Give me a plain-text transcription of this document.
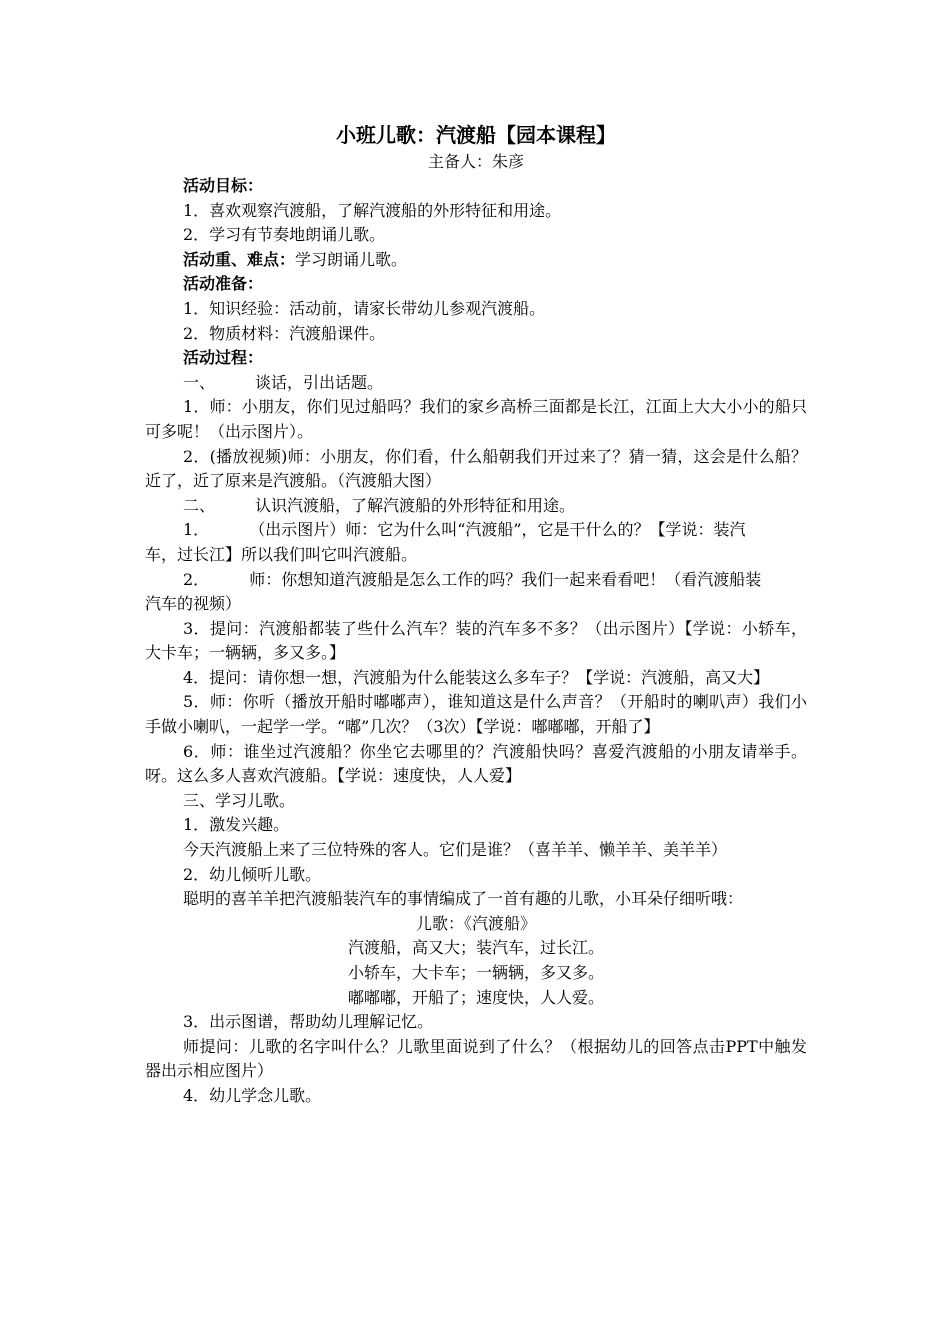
小班儿歌：汽渡船【园本课程】
主备人：朱彦

活动目标：

1．喜欢观察汽渡船，了解汽渡船的外形特征和用途。

2．学习有节奏地朗诵儿歌。

活动重、难点：学习朗诵儿歌。

活动准备：

1．知识经验：活动前，请家长带幼儿参观汽渡船。

2．物质材料：汽渡船课件。

活动过程：

一、	谈话，引出话题。

1．师：小朋友，你们见过船吗？我们的家乡高桥三面都是长江，江面上大大小小的船只可多呢！（出示图片）。

2．(播放视频)师：小朋友，你们看，什么船朝我们开过来了？猜一猜，这会是什么船？近了，近了原来是汽渡船。（汽渡船大图）

二、	认识汽渡船，了解汽渡船的外形特征和用途。

1．	（出示图片）师：它为什么叫“汽渡船”，它是干什么的？【学说：装汽
车，过长江】所以我们叫它叫汽渡船。
2．	师：你想知道汽渡船是怎么工作的吗？我们一起来看看吧！（看汽渡船装
汽车的视频）

3．提问：汽渡船都装了些什么汽车？装的汽车多不多？（出示图片）【学说：小轿车，大卡车；一辆辆，多又多。】

4．提问：请你想一想，汽渡船为什么能装这么多车子？【学说：汽渡船，高又大】

5．师：你听（播放开船时嘟嘟声），谁知道这是什么声音？（开船时的喇叭声）我们小手做小喇叭，一起学一学。“嘟”几次？（3次）【学说：嘟嘟嘟，开船了】

6．师：谁坐过汽渡船？你坐它去哪里的？汽渡船快吗？喜爱汽渡船的小朋友请举手。呀。这么多人喜欢汽渡船。【学说：速度快，人人爱】

三、学习儿歌。

1．激发兴趣。

今天汽渡船上来了三位特殊的客人。它们是谁？（喜羊羊、懒羊羊、美羊羊）

2．幼儿倾听儿歌。

聪明的喜羊羊把汽渡船装汽车的事情编成了一首有趣的儿歌，小耳朵仔细听哦：

儿歌：《汽渡船》
汽渡船，高又大；装汽车，过长江。
小轿车，大卡车；一辆辆，多又多。
嘟嘟嘟，开船了；速度快，人人爱。

3．出示图谱，帮助幼儿理解记忆。

师提问：儿歌的名字叫什么？儿歌里面说到了什么？（根据幼儿的回答点击PPT中触发器出示相应图片）

4．幼儿学念儿歌。
